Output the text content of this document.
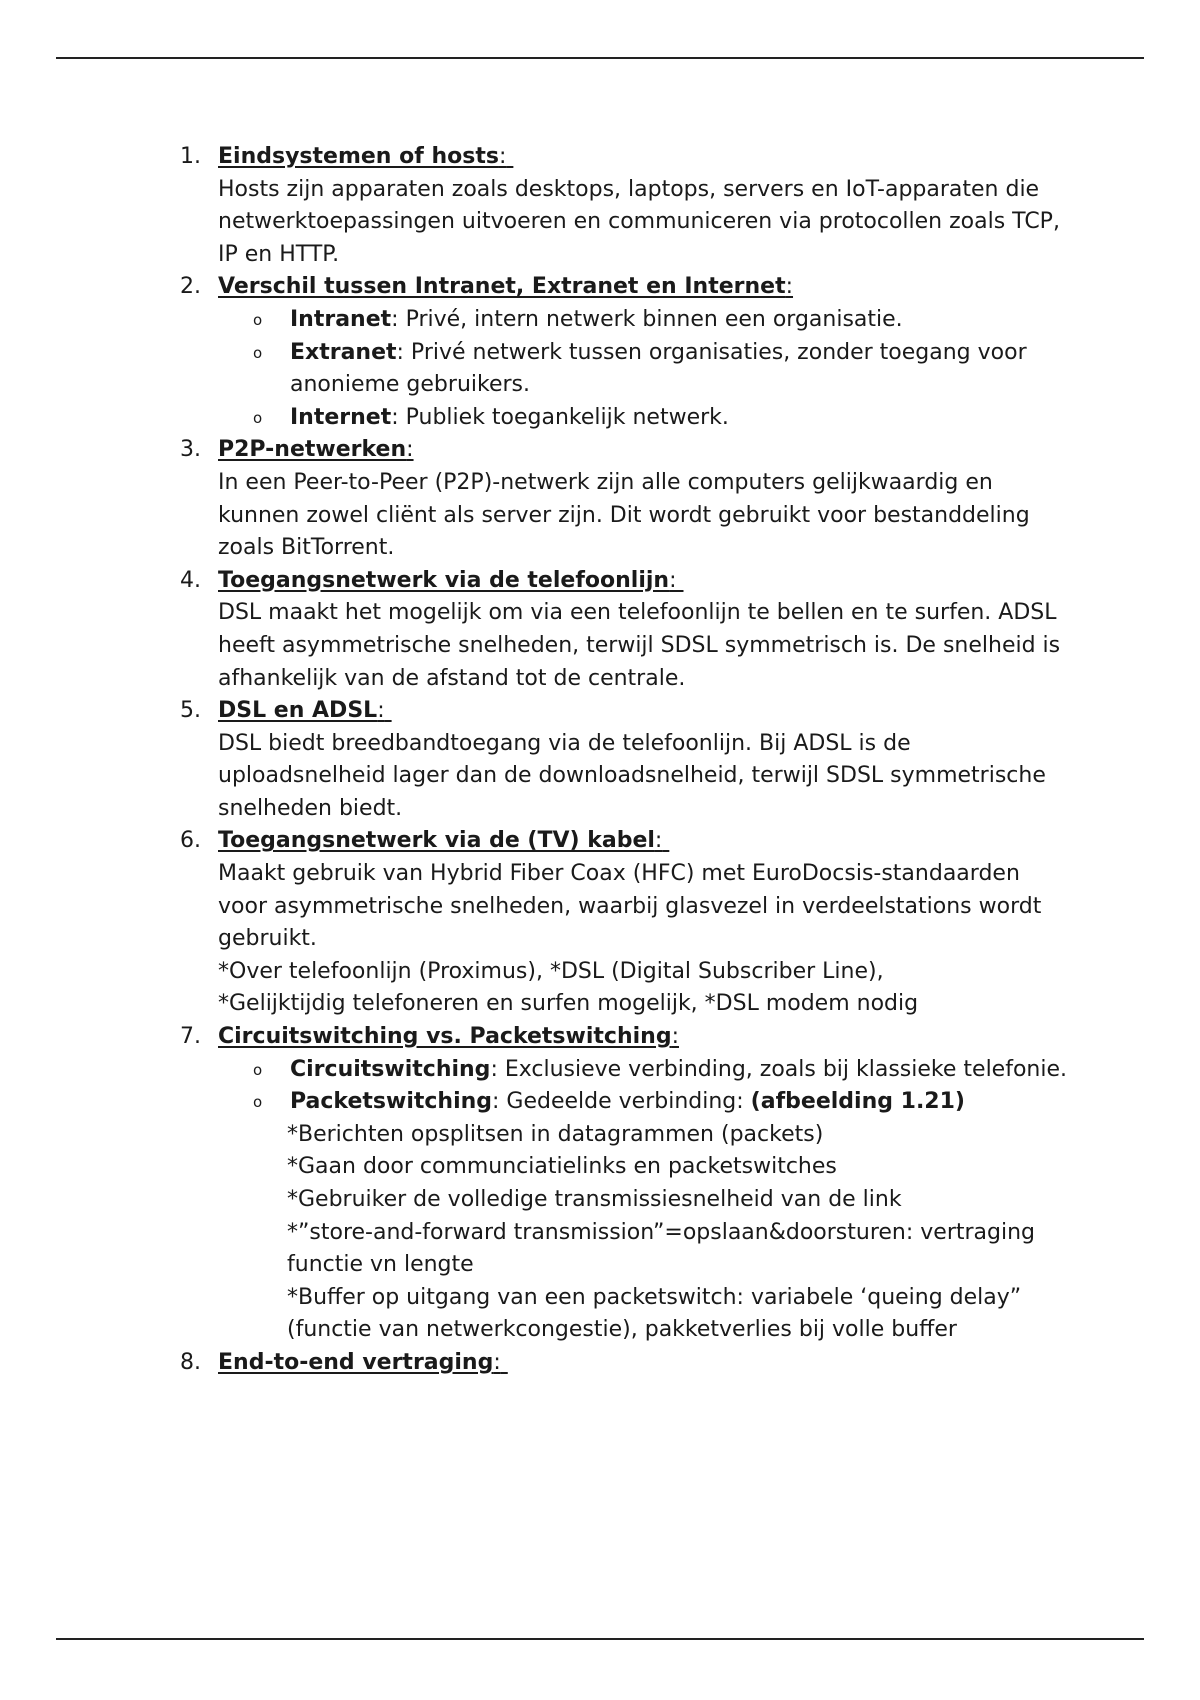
1. Eindsystemen of hosts:
Hosts zijn apparaten zoals desktops, laptops, servers en IoT-apparaten die netwerktoepassingen uitvoeren en communiceren via protocollen zoals TCP, IP en HTTP.
2. Verschil tussen Intranet, Extranet en Internet:
o Intranet: Privé, intern netwerk binnen een organisatie.
o Extranet: Privé netwerk tussen organisaties, zonder toegang voor anonieme gebruikers.
o Internet: Publiek toegankelijk netwerk.
3. P2P-netwerken:
In een Peer-to-Peer (P2P)-netwerk zijn alle computers gelijkwaardig en kunnen zowel cliënt als server zijn. Dit wordt gebruikt voor bestanddeling zoals BitTorrent.
4. Toegangsnetwerk via de telefoonlijn:
DSL maakt het mogelijk om via een telefoonlijn te bellen en te surfen. ADSL heeft asymmetrische snelheden, terwijl SDSL symmetrisch is. De snelheid is afhankelijk van de afstand tot de centrale.
5. DSL en ADSL:
DSL biedt breedbandtoegang via de telefoonlijn. Bij ADSL is de uploadsnelheid lager dan de downloadsnelheid, terwijl SDSL symmetrische snelheden biedt.
6. Toegangsnetwerk via de (TV) kabel:
Maakt gebruik van Hybrid Fiber Coax (HFC) met EuroDocsis-standaarden voor asymmetrische snelheden, waarbij glasvezel in verdeelstations wordt gebruikt.
*Over telefoonlijn (Proximus), *DSL (Digital Subscriber Line),
*Gelijktijdig telefoneren en surfen mogelijk, *DSL modem nodig
7. Circuitswitching vs. Packetswitching:
o Circuitswitching: Exclusieve verbinding, zoals bij klassieke telefonie.
o Packetswitching: Gedeelde verbinding: (afbeelding 1.21)
*Berichten opsplitsen in datagrammen (packets)
*Gaan door communciatielinks en packetswitches
*Gebruiker de volledige transmissiesnelheid van de link
*”store-and-forward transmission”=opslaan&doorsturen: vertraging functie vn lengte
*Buffer op uitgang van een packetswitch: variabele ‘queing delay” (functie van netwerkcongestie), pakketverlies bij volle buffer
8. End-to-end vertraging:
